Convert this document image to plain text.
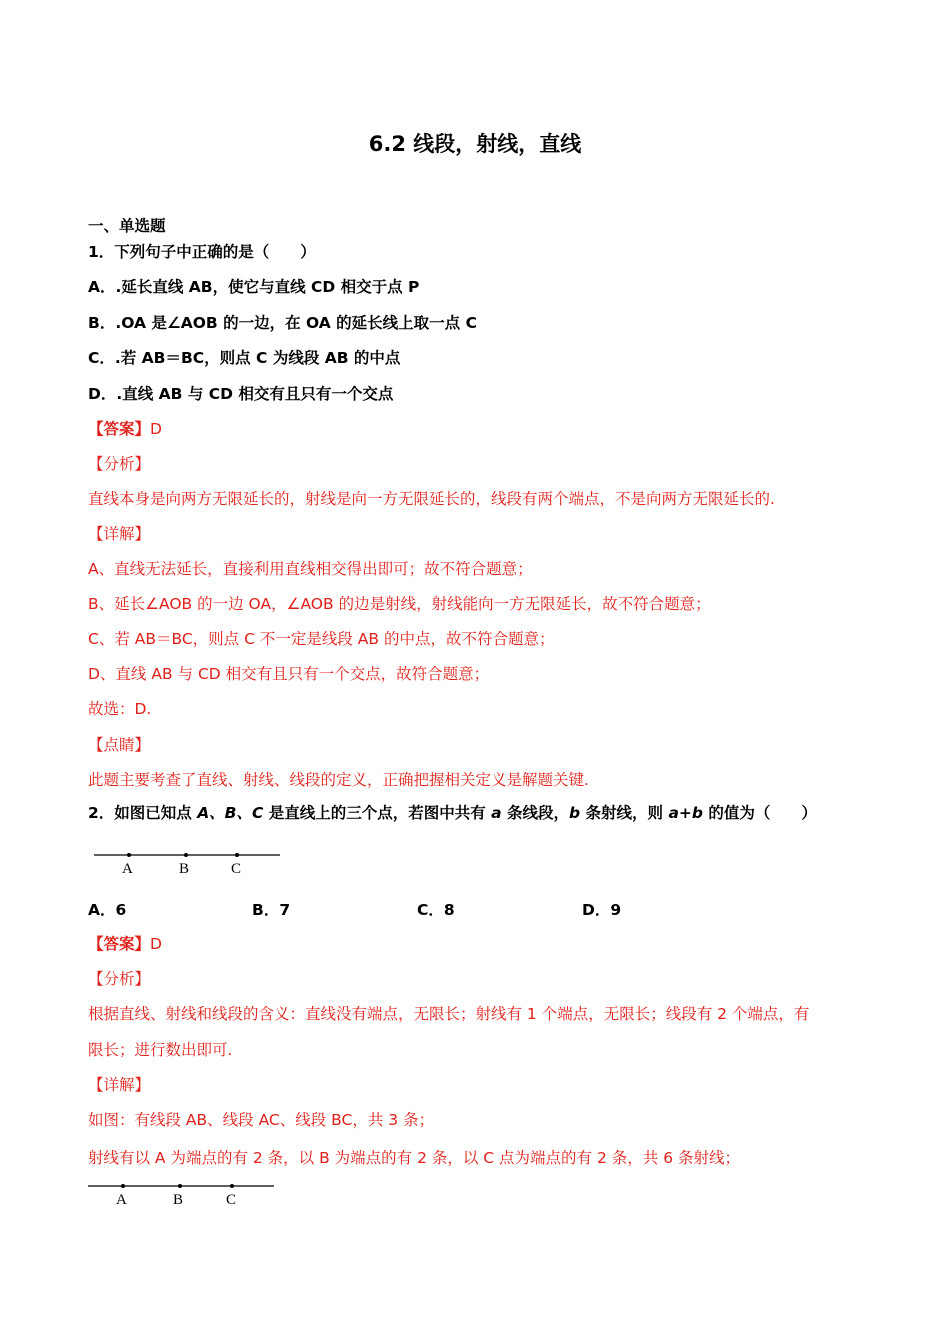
6.2 线段，射线，直线
一、单选题
1．下列句子中正确的是（　　）
A．.延长直线 AB，使它与直线 CD 相交于点 P
B．.OA 是∠AOB 的一边，在 OA 的延长线上取一点 C
C．.若 AB＝BC，则点 C 为线段 AB 的中点
D．.直线 AB 与 CD 相交有且只有一个交点
【答案】D
【分析】
直线本身是向两方无限延长的，射线是向一方无限延长的，线段有两个端点，不是向两方无限延长的.
【详解】
A、直线无法延长，直接利用直线相交得出即可；故不符合题意；
B、延长∠AOB 的一边 OA，∠AOB 的边是射线，射线能向一方无限延长，故不符合题意；
C、若 AB＝BC，则点 C 不一定是线段 AB 的中点，故不符合题意；
D、直线 AB 与 CD 相交有且只有一个交点，故符合题意；
故选：D.
【点睛】
此题主要考查了直线、射线、线段的定义，正确把握相关定义是解题关键.
2．如图已知点 A、B、C 是直线上的三个点，若图中共有 a 条线段，b 条射线，则 a+b 的值为（　　）
A	B	C
A．6	B．7	C．8	D．9
【答案】D
【分析】
根据直线、射线和线段的含义：直线没有端点，无限长；射线有 1 个端点，无限长；线段有 2 个端点，有
限长；进行数出即可.
【详解】
如图：有线段 AB、线段 AC、线段 BC，共 3 条；
射线有以 A 为端点的有 2 条，以 B 为端点的有 2 条，以 C 点为端点的有 2 条，共 6 条射线；
A	B	C
